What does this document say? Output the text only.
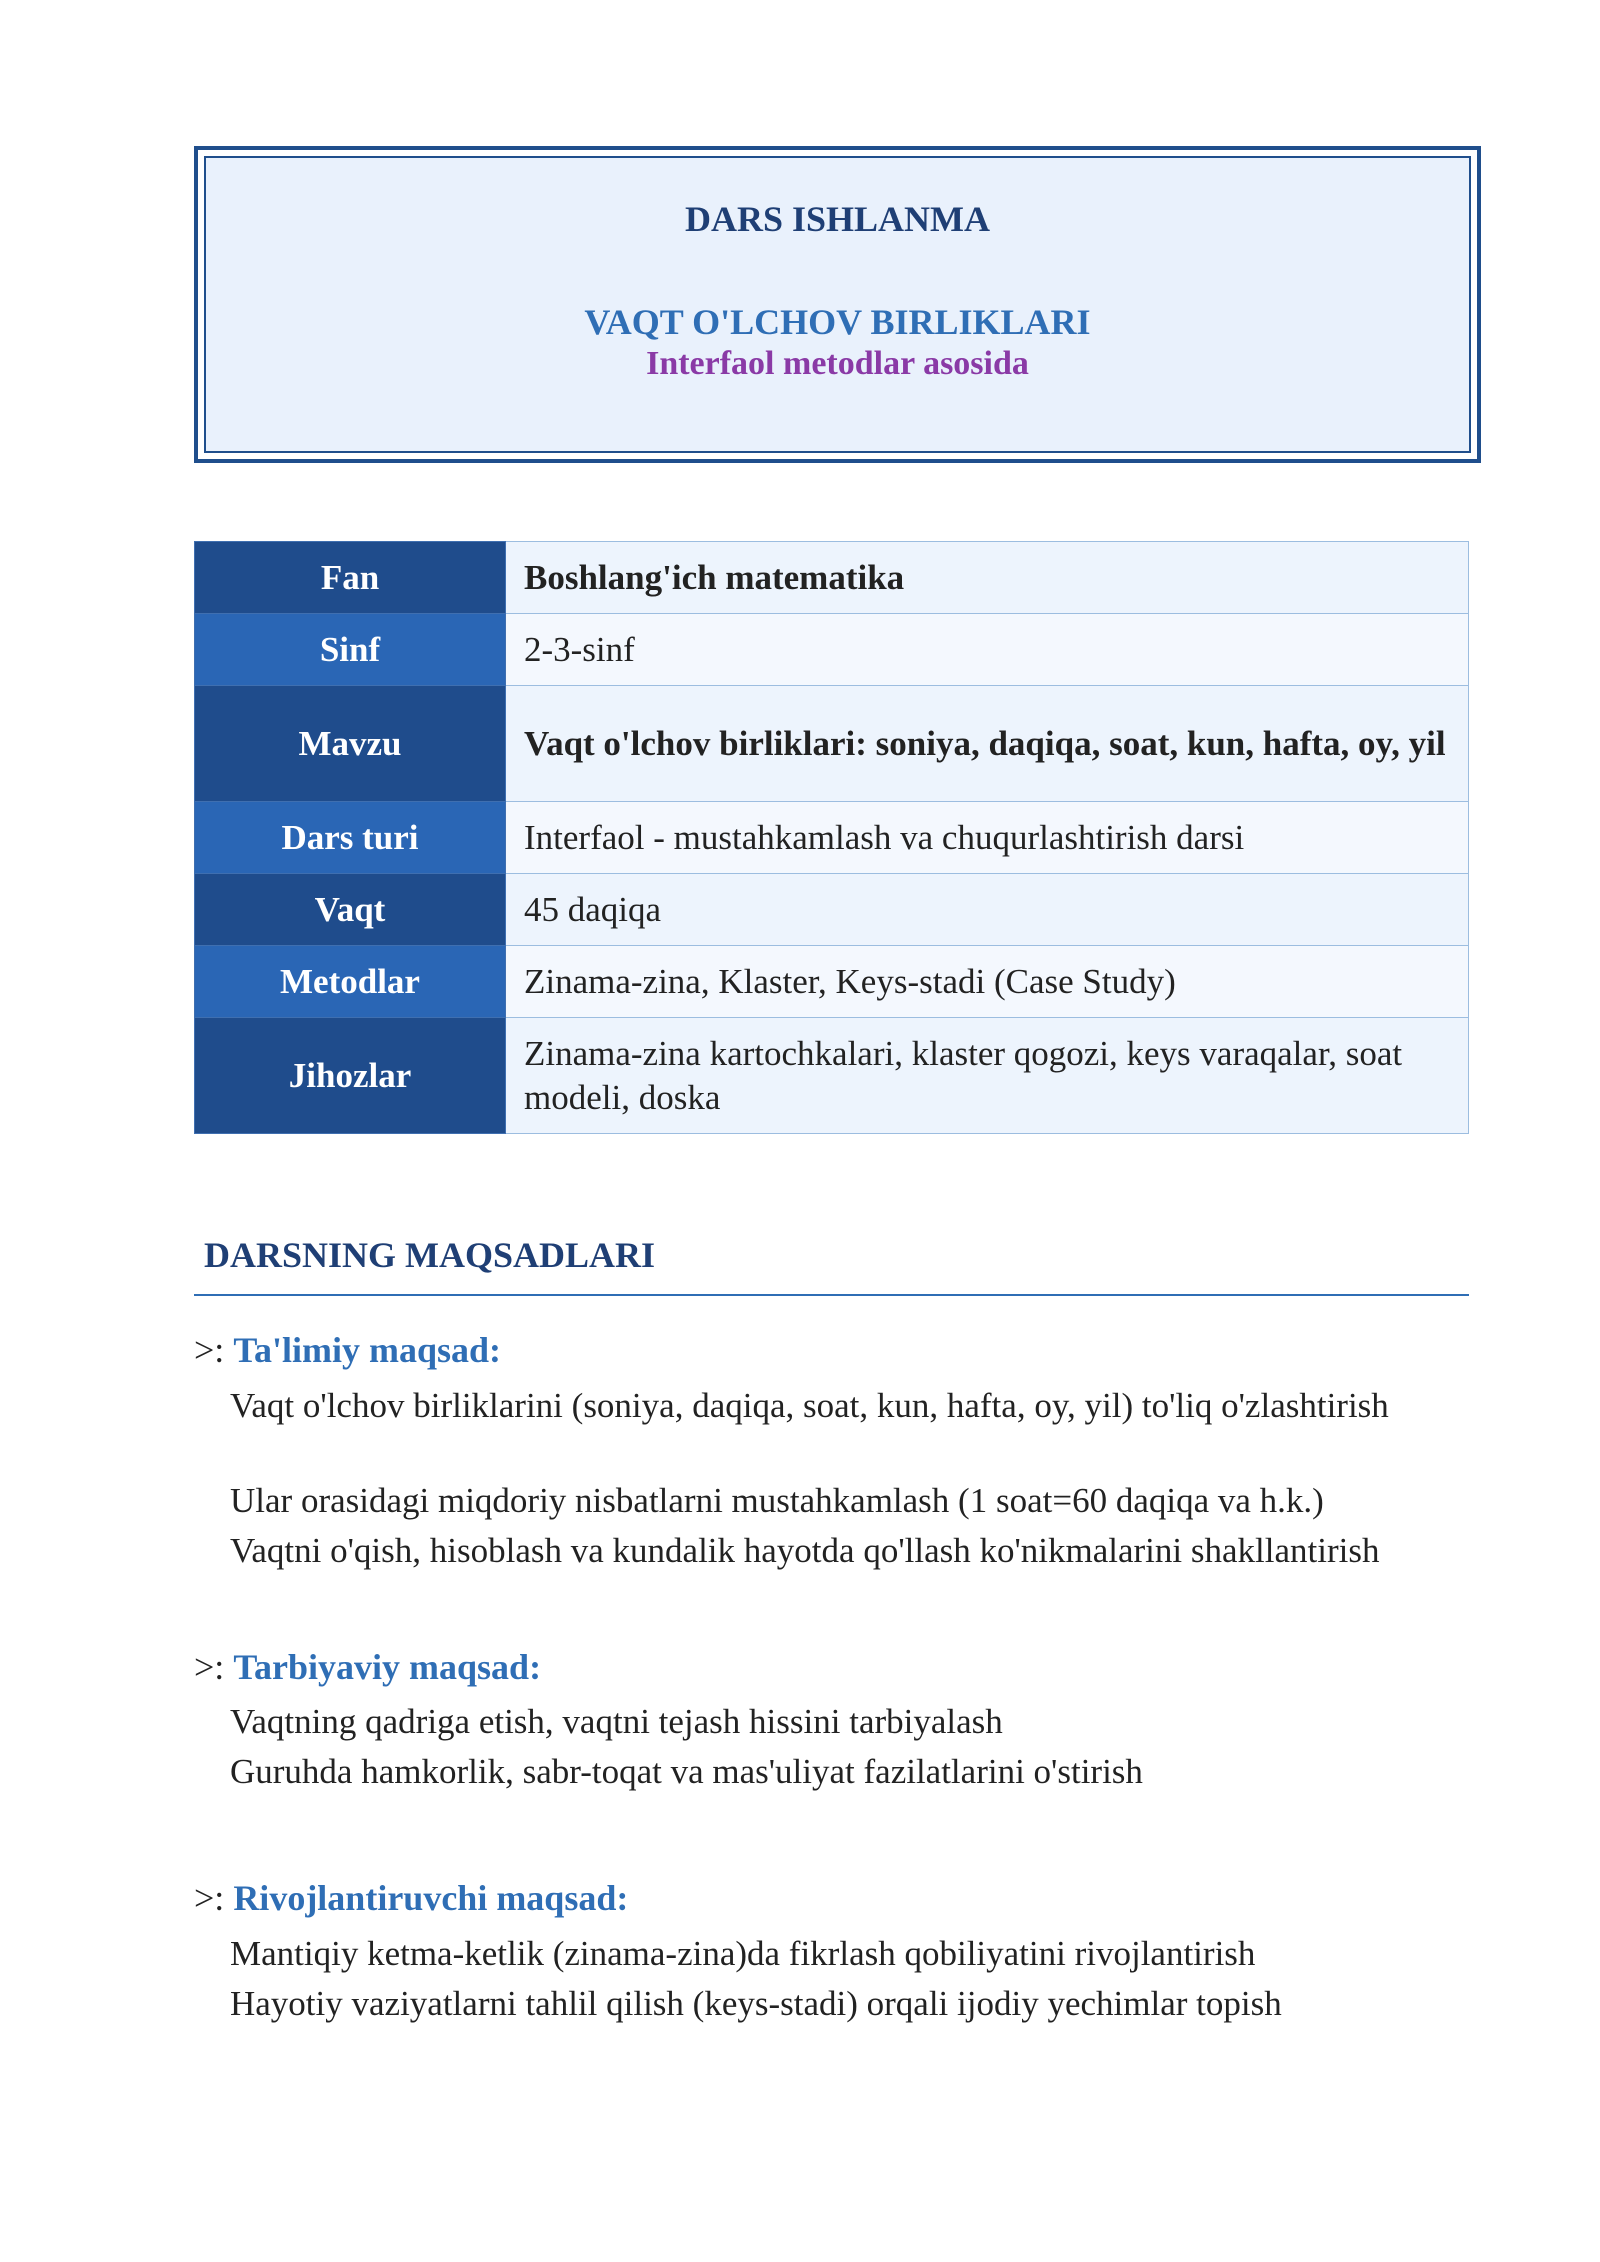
DARS ISHLANMA
VAQT O'LCHOV BIRLIKLARI
Interfaol metodlar asosida
Fan	Boshlang'ich matematika
Sinf	2-3-sinf
Mavzu	Vaqt o'lchov birliklari: soniya, daqiqa, soat, kun, hafta, oy, yil
Dars turi	Interfaol - mustahkamlash va chuqurlashtirish darsi
Vaqt	45 daqiqa
Metodlar	Zinama-zina, Klaster, Keys-stadi (Case Study)
Jihozlar	Zinama-zina kartochkalari, klaster qogozi, keys varaqalar, soat modeli, doska
DARSNING MAQSADLARI
>: Ta'limiy maqsad:
Vaqt o'lchov birliklarini (soniya, daqiqa, soat, kun, hafta, oy, yil) to'liq o'zlashtirish
Ular orasidagi miqdoriy nisbatlarni mustahkamlash (1 soat=60 daqiqa va h.k.)
Vaqtni o'qish, hisoblash va kundalik hayotda qo'llash ko'nikmalarini shakllantirish
>: Tarbiyaviy maqsad:
Vaqtning qadriga etish, vaqtni tejash hissini tarbiyalash
Guruhda hamkorlik, sabr-toqat va mas'uliyat fazilatlarini o'stirish
>: Rivojlantiruvchi maqsad:
Mantiqiy ketma-ketlik (zinama-zina)da fikrlash qobiliyatini rivojlantirish
Hayotiy vaziyatlarni tahlil qilish (keys-stadi) orqali ijodiy yechimlar topish
